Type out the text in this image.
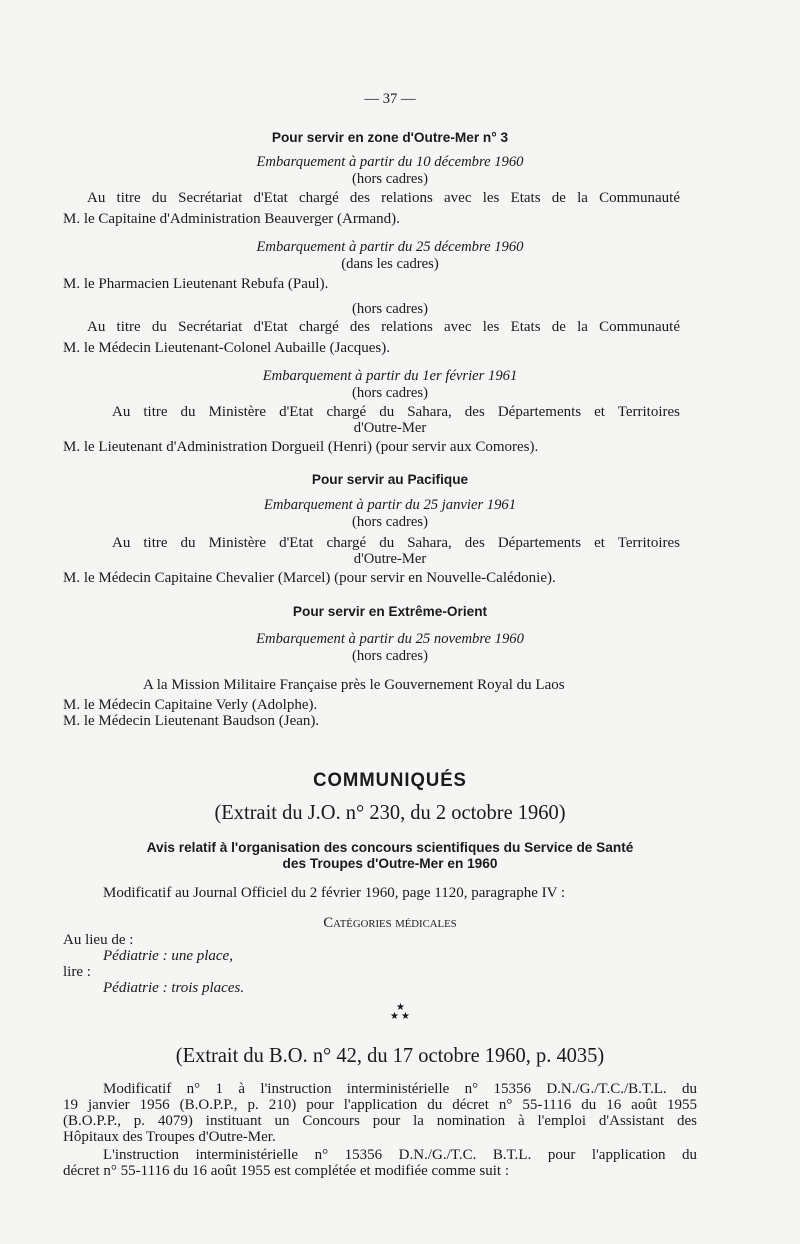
— 37 —
Pour servir en zone d'Outre-Mer n° 3
Embarquement à partir du 10 décembre 1960
(hors cadres)
Au titre du Secrétariat d'Etat chargé des relations avec les Etats de la Communauté
M. le Capitaine d'Administration Beauverger (Armand).
Embarquement à partir du 25 décembre 1960
(dans les cadres)
M. le Pharmacien Lieutenant Rebufa (Paul).
(hors cadres)
Au titre du Secrétariat d'Etat chargé des relations avec les Etats de la Communauté
M. le Médecin Lieutenant-Colonel Aubaille (Jacques).
Embarquement à partir du 1er février 1961
(hors cadres)
Au titre du Ministère d'Etat chargé du Sahara, des Départements et Territoires
d'Outre-Mer
M. le Lieutenant d'Administration Dorgueil (Henri) (pour servir aux Comores).
Pour servir au Pacifique
Embarquement à partir du 25 janvier 1961
(hors cadres)
Au titre du Ministère d'Etat chargé du Sahara, des Départements et Territoires
d'Outre-Mer
M. le Médecin Capitaine Chevalier (Marcel) (pour servir en Nouvelle-Calédonie).
Pour servir en Extrême-Orient
Embarquement à partir du 25 novembre 1960
(hors cadres)
A la Mission Militaire Française près le Gouvernement Royal du Laos
M. le Médecin Capitaine Verly (Adolphe).
M. le Médecin Lieutenant Baudson (Jean).
COMMUNIQUÉS
(Extrait du J.O. n° 230, du 2 octobre 1960)
Avis relatif à l'organisation des concours scientifiques du Service de Santé
des Troupes d'Outre-Mer en 1960
Modificatif au Journal Officiel du 2 février 1960, page 1120, paragraphe IV :
Catégories médicales
Au lieu de :
Pédiatrie : une place,
lire :
Pédiatrie : trois places.
★
★ ★
(Extrait du B.O. n° 42, du 17 octobre 1960, p. 4035)
Modificatif n° 1 à l'instruction interministérielle n° 15356 D.N./G./T.C./B.T.L. du
19 janvier 1956 (B.O.P.P., p. 210) pour l'application du décret n° 55-1116 du 16 août 1955
(B.O.P.P., p. 4079) instituant un Concours pour la nomination à l'emploi d'Assistant des
Hôpitaux des Troupes d'Outre-Mer.
L'instruction interministérielle n° 15356 D.N./G./T.C. B.T.L. pour l'application du
décret n° 55-1116 du 16 août 1955 est complétée et modifiée comme suit :
